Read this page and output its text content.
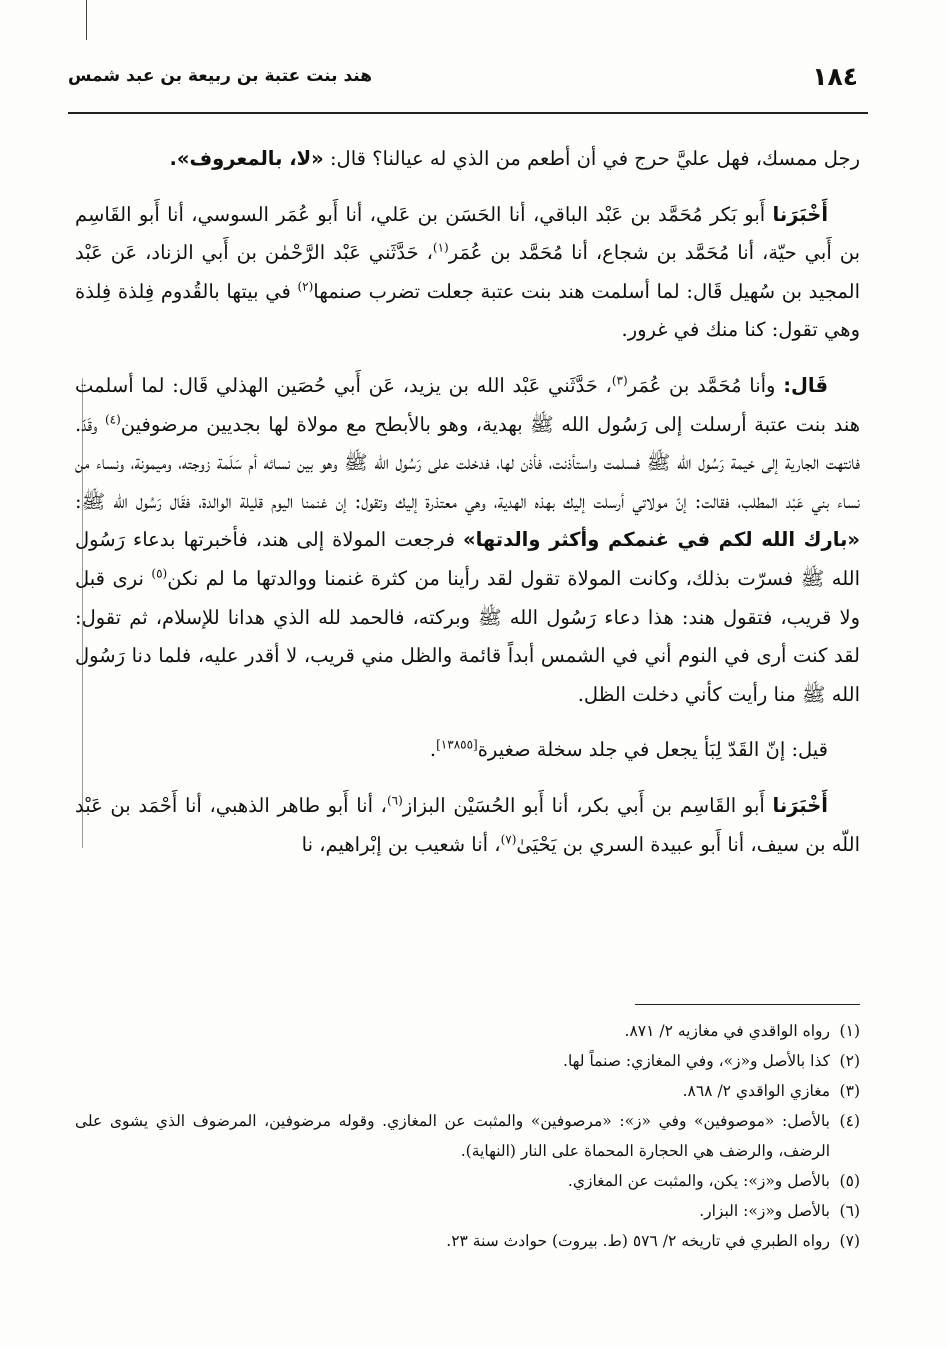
١٨٤
هند بنت عتبة بن ربيعة بن عبد شمس

رجل ممسك، فهل عليَّ حرج في أن أطعم من الذي له عيالنا؟ قال: «لا، بالمعروف».

أَخْبَرَنا أَبو بَكر مُحَمَّد بن عَبْد الباقي، أنا الحَسَن بن عَلي، أنا أَبو عُمَر السوسي، أنا أَبو القَاسِم بن أَبي حيّة، أنا مُحَمَّد بن شجاع، أنا مُحَمَّد بن عُمَر$^{(١)}$، حَدَّثَني عَبْد الرَّحْمٰن بن أَبي الزناد، عَن عَبْد المجيد بن سُهيل قَال: لما أسلمت هند بنت عتبة جعلت تضرب صنمها$^{(٢)}$ في بيتها بالقُدوم فِلذة فِلذة وهي تقول: كنا منك في غرور.

قَال: وأنا مُحَمَّد بن عُمَر$^{(٣)}$، حَدَّثَني عَبْد الله بن يزيد، عَن أَبي حُصَين الهذلي قَال: لما أسلمت هند بنت عتبة أرسلت إلى رَسُول الله ﷺ بهدية، وهو بالأبطح مع مولاة لها بجديين مرضوفين$^{(٤)}$ وقَدّ. فانتهت الجارية إلى خيمة رَسُول الله ﷺ فسلمت واستأذنت، فأذن لها، فدخلت على رَسُول الله ﷺ وهو بين نسائه أم سَلَمة زوجته، وميمونة، ونساء من نساء بني عَبْد المطلب، فقالت: إنّ مولاتي أرسلت إليك بهذه الهدية، وهي معتذرة إليك وتقول: إن غنمنا اليوم قليلة الوالدة، فقَال رَسُول الله ﷺ: «بارك الله لكم في غنمكم وأكثر والدتها» فرجعت المولاة إلى هند، فأخبرتها بدعاء رَسُول الله ﷺ فسرّت بذلك، وكانت المولاة تقول لقد رأينا من كثرة غنمنا ووالدتها ما لم نكن$^{(٥)}$ نرى قبل ولا قريب، فتقول هند: هذا دعاء رَسُول الله ﷺ وبركته، فالحمد لله الذي هدانا للإسلام، ثم تقول: لقد كنت أرى في النوم أني في الشمس أبداً قائمة والظل مني قريب، لا أقدر عليه، فلما دنا رَسُول الله ﷺ منا رأيت كأني دخلت الظل.

قيل: إنّ القَدّ لِبَأ يجعل في جلد سخلة صغيرة[١٣٨٥٥].

أَخْبَرَنا أَبو القَاسِم بن أَبي بكر، أنا أَبو الحُسَيْن البزاز$^{(٦)}$، أنا أَبو طاهر الذهبي، أنا أَحْمَد بن عَبْد اللّه بن سيف، أنا أَبو عبيدة السري بن يَحْيَىٰ$^{(٧)}$، أنا شعيب بن إبْراهيم، نا

(١)
رواه الواقدي في مغازيه ٢/ ٨٧١.
(٢)
كذا بالأصل و«ز»، وفي المغازي: صنماً لها.
(٣)
مغازي الواقدي ٢/ ٨٦٨.
(٤)
بالأصل: «موصوفين» وفي «ز»: «مرصوفين» والمثبت عن المغازي. وقوله مرضوفين، المرضوف الذي يشوى على الرضف، والرضف هي الحجارة المحماة على النار (النهاية).
(٥)
بالأصل و«ز»: يكن، والمثبت عن المغازي.
(٦)
بالأصل و«ز»: البزار.
(٧)
رواه الطبري في تاريخه ٢/ ٥٧٦ (ط. بيروت) حوادث سنة ٢٣.
